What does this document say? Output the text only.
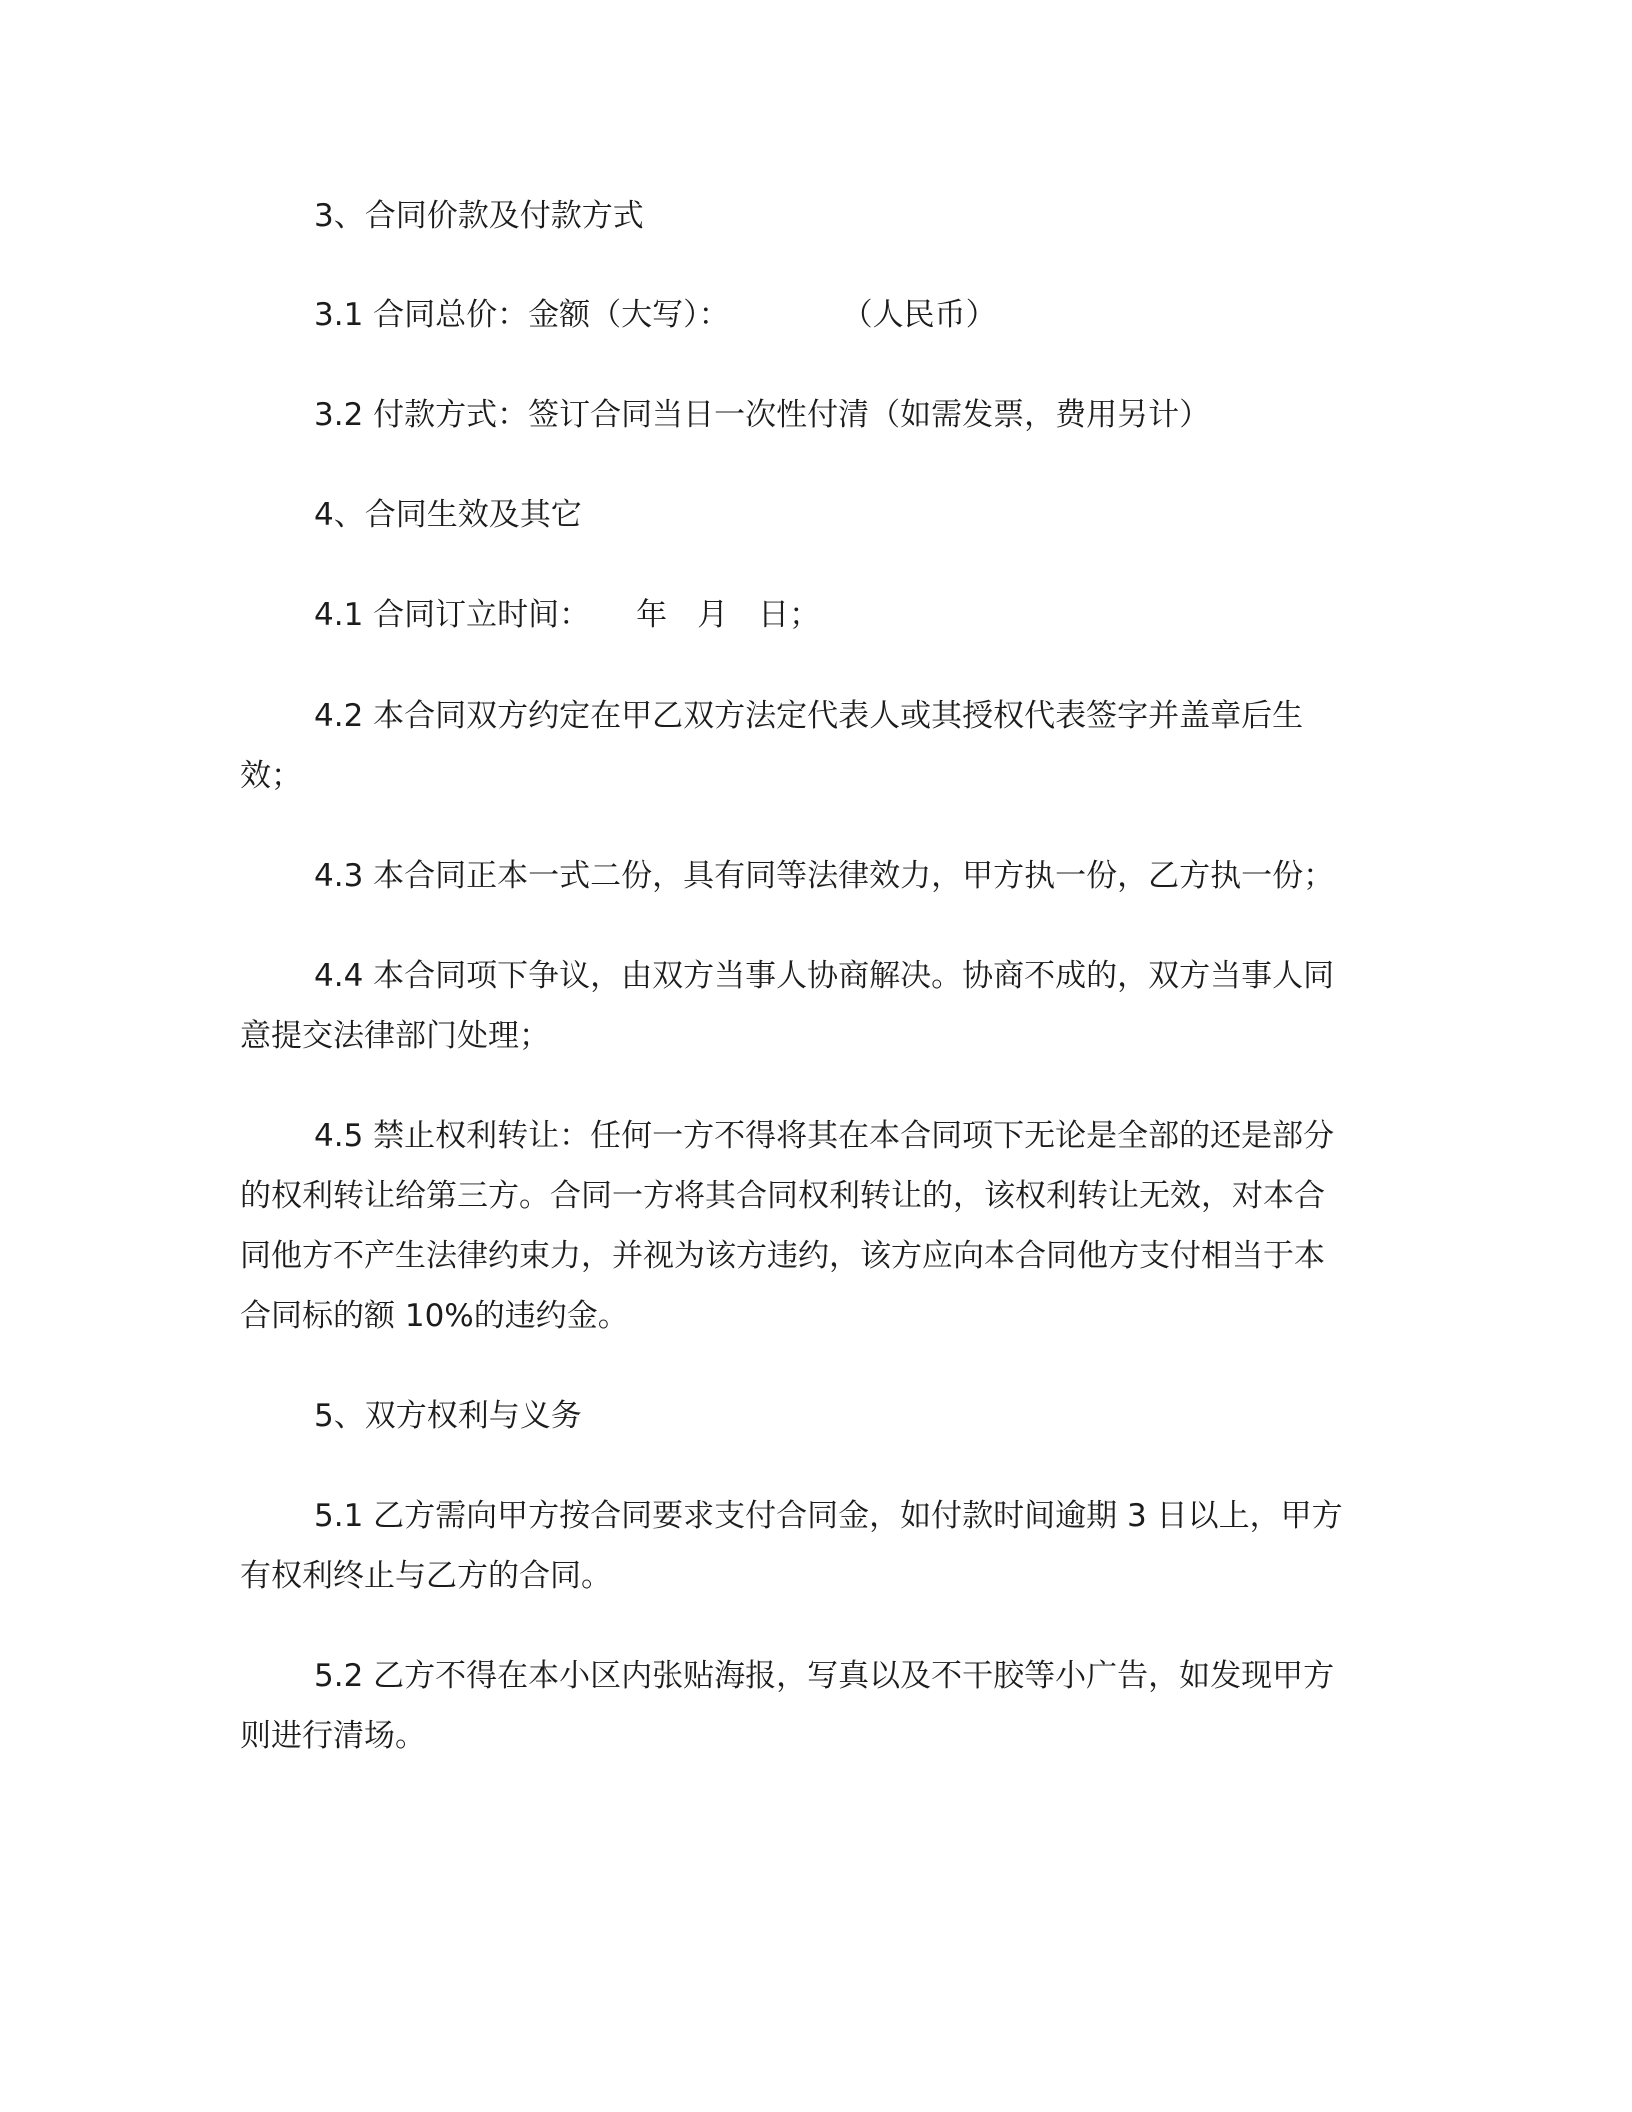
3、合同价款及付款方式

3.1 合同总价：金额（大写）：	（人民币）

3.2 付款方式：签订合同当日一次性付清（如需发票，费用另计）

4、合同生效及其它

4.1 合同订立时间： 年 月 日；

4.2 本合同双方约定在甲乙双方法定代表人或其授权代表签字并盖章后生
效；

4.3 本合同正本一式二份，具有同等法律效力，甲方执一份，乙方执一份；

4.4 本合同项下争议，由双方当事人协商解决。协商不成的，双方当事人同
意提交法律部门处理；

4.5 禁止权利转让：任何一方不得将其在本合同项下无论是全部的还是部分
的权利转让给第三方。合同一方将其合同权利转让的，该权利转让无效，对本合
同他方不产生法律约束力，并视为该方违约，该方应向本合同他方支付相当于本
合同标的额 10%的违约金。

5、双方权利与义务

5.1 乙方需向甲方按合同要求支付合同金，如付款时间逾期 3 日以上，甲方
有权利终止与乙方的合同。

5.2 乙方不得在本小区内张贴海报，写真以及不干胶等小广告，如发现甲方
则进行清场。
